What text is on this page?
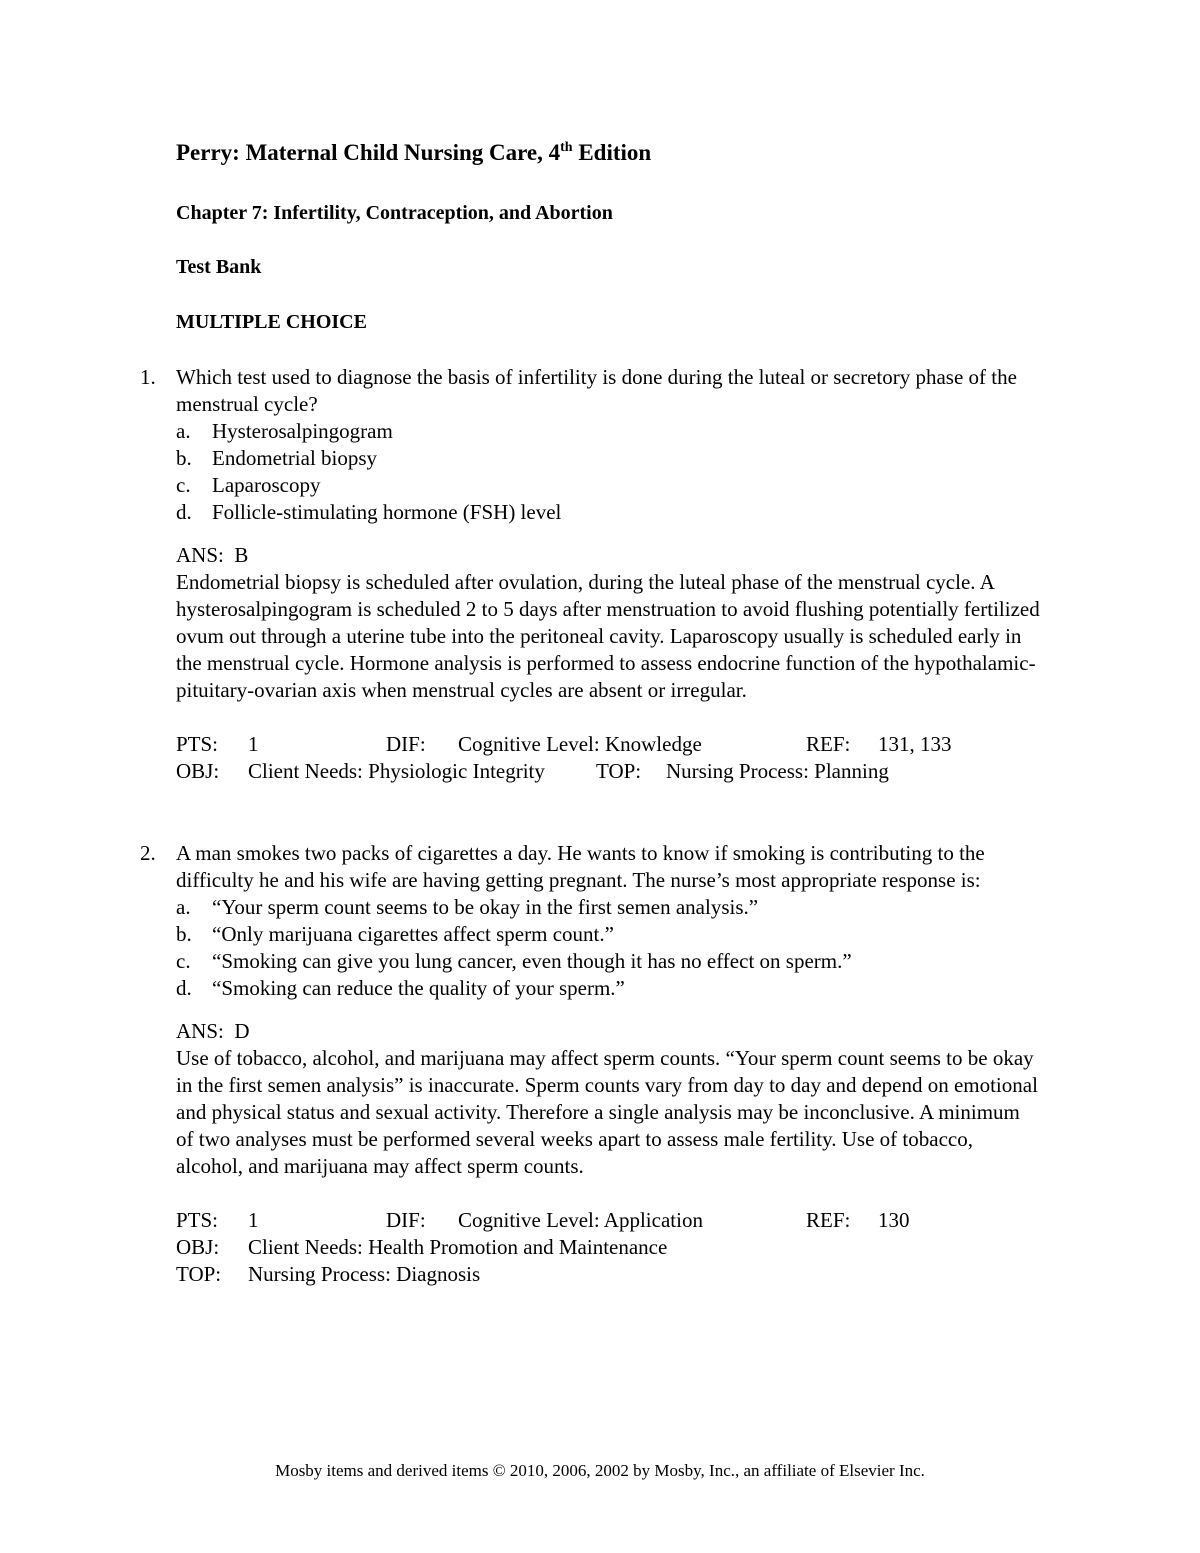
Perry: Maternal Child Nursing Care, 4th Edition
Chapter 7: Infertility, Contraception, and Abortion
Test Bank
MULTIPLE CHOICE
1. Which test used to diagnose the basis of infertility is done during the luteal or secretory phase of the menstrual cycle?

a. Hysterosalpingogram
b. Endometrial biopsy
c. Laparoscopy
d. Follicle-stimulating hormone (FSH) level
ANS: B

Endometrial biopsy is scheduled after ovulation, during the luteal phase of the menstrual cycle. A hysterosalpingogram is scheduled 2 to 5 days after menstruation to avoid flushing potentially fertilized ovum out through a uterine tube into the peritoneal cavity. Laparoscopy usually is scheduled early in the menstrual cycle. Hormone analysis is performed to assess endocrine function of the hypothalamic-pituitary-ovarian axis when menstrual cycles are absent or irregular.

PTS: 1	DIF: Cognitive Level: Knowledge	REF: 131, 133
OBJ: Client Needs: Physiologic Integrity TOP: Nursing Process: Planning
2. A man smokes two packs of cigarettes a day. He wants to know if smoking is contributing to the difficulty he and his wife are having getting pregnant. The nurse’s most appropriate response is:

a. “Your sperm count seems to be okay in the first semen analysis.”
b. “Only marijuana cigarettes affect sperm count.”
c. “Smoking can give you lung cancer, even though it has no effect on sperm.”
d. “Smoking can reduce the quality of your sperm.”
ANS: D

Use of tobacco, alcohol, and marijuana may affect sperm counts. “Your sperm count seems to be okay in the first semen analysis” is inaccurate. Sperm counts vary from day to day and depend on emotional and physical status and sexual activity. Therefore a single analysis may be inconclusive. A minimum of two analyses must be performed several weeks apart to assess male fertility. Use of tobacco, alcohol, and marijuana may affect sperm counts.

PTS: 1	DIF: Cognitive Level: Application	REF: 130
OBJ: Client Needs: Health Promotion and Maintenance
TOP: Nursing Process: Diagnosis
Mosby items and derived items © 2010, 2006, 2002 by Mosby, Inc., an affiliate of Elsevier Inc.
